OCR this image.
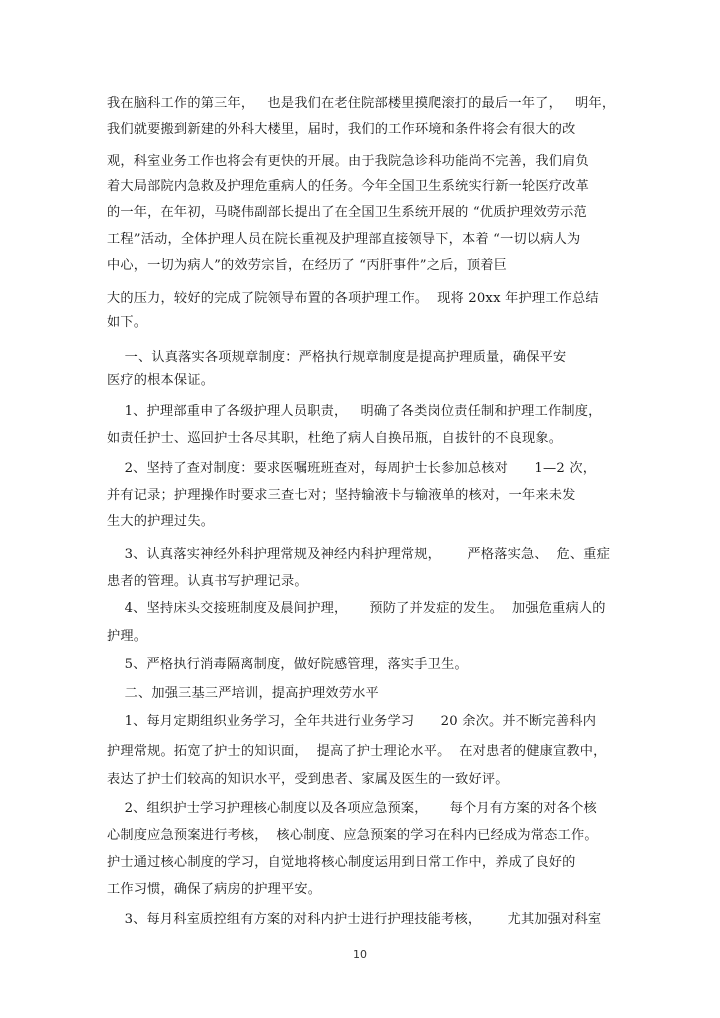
我在脑科工作的第三年，   也是我们在老住院部楼里摸爬滚打的最后一年了，   明年，
我们就要搬到新建的外科大楼里，届时，我们的工作环境和条件将会有很大的改
观，科室业务工作也将会有更快的开展。由于我院急诊科功能尚不完善，我们肩负
着大局部院内急救及护理危重病人的任务。今年全国卫生系统实行新一轮医疗改革
的一年，在年初，马晓伟副部长提出了在全国卫生系统开展的 “优质护理效劳示范
工程”活动，全体护理人员在院长重视及护理部直接领导下，本着 “一切以病人为
中心，一切为病人”的效劳宗旨，在经历了 “丙肝事件”之后，顶着巨
大的压力，较好的完成了院领导布置的各项护理工作。  现将 20xx 年护理工作总结
如下。
一、认真落实各项规章制度：严格执行规章制度是提高护理质量，确保平安
医疗的根本保证。
1、护理部重申了各级护理人员职责，   明确了各类岗位责任制和护理工作制度，
如责任护士、巡回护士各尽其职，杜绝了病人自换吊瓶，自拔针的不良现象。
2、坚持了查对制度：要求医嘱班班查对，每周护士长参加总核对      1—2 次，
并有记录；护理操作时要求三查七对；坚持输液卡与输液单的核对，一年来未发
生大的护理过失。
3、认真落实神经外科护理常规及神经内科护理常规，      严格落实急、  危、重症
患者的管理。认真书写护理记录。
4、坚持床头交接班制度及晨间护理，     预防了并发症的发生。  加强危重病人的
护理。
5、严格执行消毒隔离制度，做好院感管理，落实手卫生。
二、加强三基三严培训，提高护理效劳水平
1、每月定期组织业务学习，全年共进行业务学习      20 余次。并不断完善科内
护理常规。拓宽了护士的知识面，  提高了护士理论水平。  在对患者的健康宣教中，
表达了护士们较高的知识水平，受到患者、家属及医生的一致好评。
2、组织护士学习护理核心制度以及各项应急预案，     每个月有方案的对各个核
心制度应急预案进行考核，  核心制度、应急预案的学习在科内已经成为常态工作。
护士通过核心制度的学习，自觉地将核心制度运用到日常工作中，养成了良好的
工作习惯，确保了病房的护理平安。
3、每月科室质控组有方案的对科内护士进行护理技能考核，      尤其加强对科室
10
